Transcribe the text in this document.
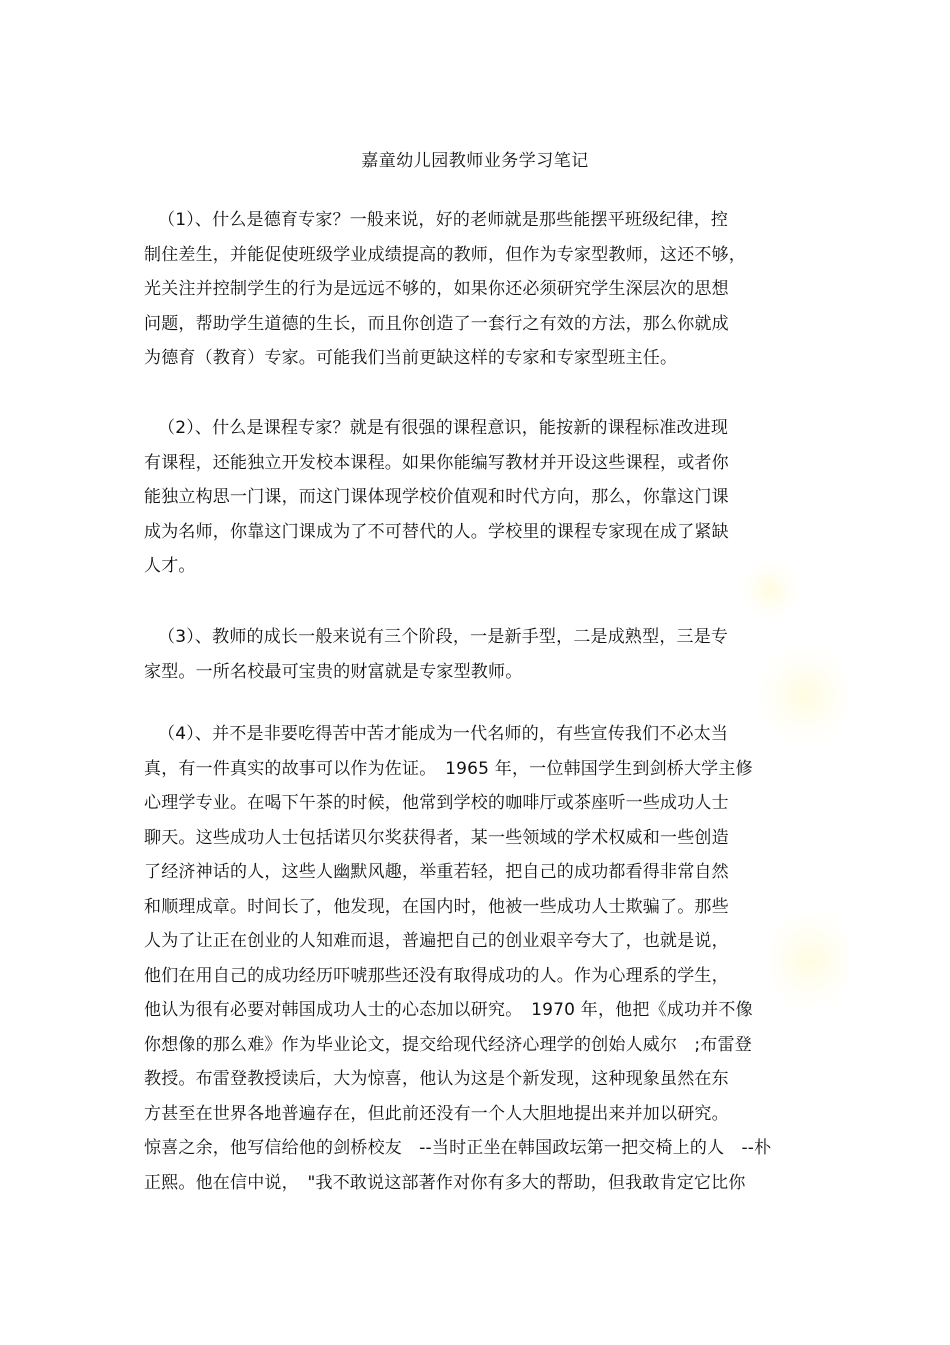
嘉童幼儿园教师业务学习笔记
（1）、什么是德育专家？一般来说，好的老师就是那些能摆平班级纪律，控
制住差生，并能促使班级学业成绩提高的教师，但作为专家型教师，这还不够，
光关注并控制学生的行为是远远不够的，如果你还必须研究学生深层次的思想
问题，帮助学生道德的生长，而且你创造了一套行之有效的方法，那么你就成
为德育（教育）专家。可能我们当前更缺这样的专家和专家型班主任。
（2）、什么是课程专家？就是有很强的课程意识，能按新的课程标准改进现
有课程，还能独立开发校本课程。如果你能编写教材并开设这些课程，或者你
能独立构思一门课，而这门课体现学校价值观和时代方向，那么，你靠这门课
成为名师，你靠这门课成为了不可替代的人。学校里的课程专家现在成了紧缺
人才。
（3）、教师的成长一般来说有三个阶段，一是新手型，二是成熟型，三是专
家型。一所名校最可宝贵的财富就是专家型教师。
（4）、并不是非要吃得苦中苦才能成为一代名师的，有些宣传我们不必太当
真，有一件真实的故事可以作为佐证。　1965 年，一位韩国学生到剑桥大学主修
心理学专业。在喝下午茶的时候，他常到学校的咖啡厅或茶座听一些成功人士
聊天。这些成功人士包括诺贝尔奖获得者，某一些领域的学术权威和一些创造
了经济神话的人，这些人幽默风趣，举重若轻，把自己的成功都看得非常自然
和顺理成章。时间长了，他发现，在国内时，他被一些成功人士欺骗了。那些
人为了让正在创业的人知难而退，普遍把自己的创业艰辛夸大了，也就是说，
他们在用自己的成功经历吓唬那些还没有取得成功的人。作为心理系的学生，
他认为很有必要对韩国成功人士的心态加以研究。　1970 年，他把《成功并不像
你想像的那么难》作为毕业论文，提交给现代经济心理学的创始人威尔　;布雷登
教授。布雷登教授读后，大为惊喜，他认为这是个新发现，这种现象虽然在东
方甚至在世界各地普遍存在，但此前还没有一个人大胆地提出来并加以研究。
惊喜之余，他写信给他的剑桥校友　--当时正坐在韩国政坛第一把交椅上的人　--朴
正熙。他在信中说，　"我不敢说这部著作对你有多大的帮助，但我敢肯定它比你
